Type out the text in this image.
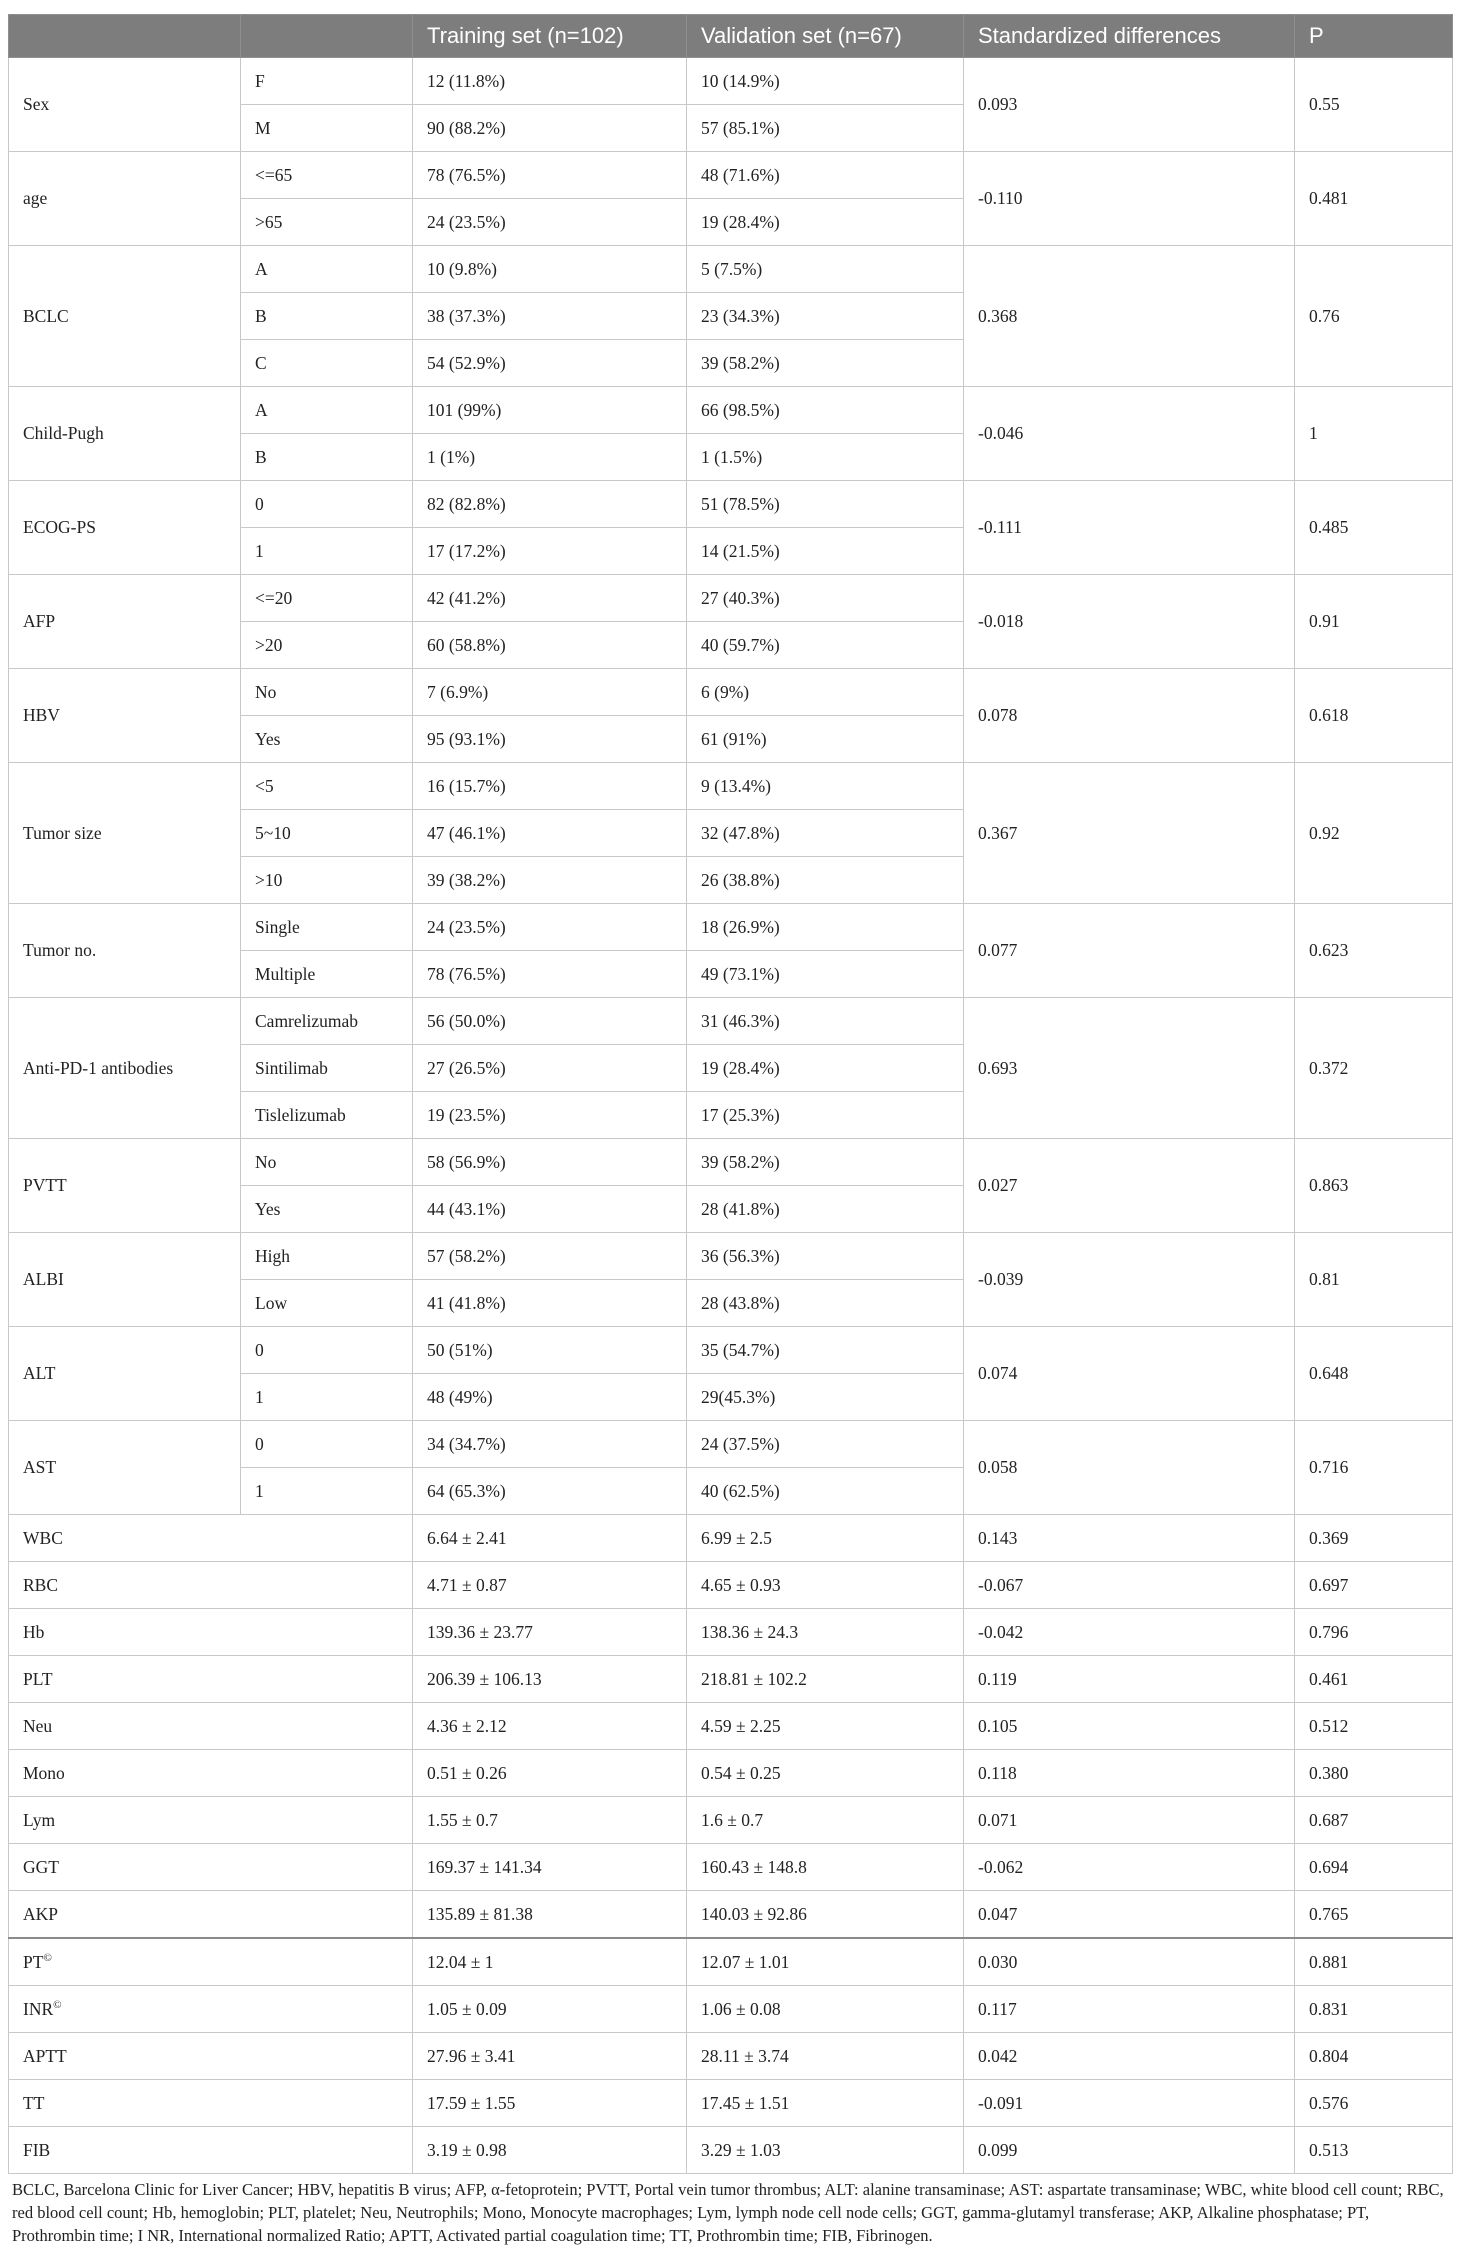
		Training set (n=102)	Validation set (n=67)	Standardized differences	P
Sex	F	12 (11.8%)	10 (14.9%)	0.093	0.55
	M	90 (88.2%)	57 (85.1%)		
age	<=65	78 (76.5%)	48 (71.6%)	-0.110	0.481
	>65	24 (23.5%)	19 (28.4%)		
BCLC	A	10 (9.8%)	5 (7.5%)	0.368	0.76
	B	38 (37.3%)	23 (34.3%)		
	C	54 (52.9%)	39 (58.2%)		
Child-Pugh	A	101 (99%)	66 (98.5%)	-0.046	1
	B	1 (1%)	1 (1.5%)		
ECOG-PS	0	82 (82.8%)	51 (78.5%)	-0.111	0.485
	1	17 (17.2%)	14 (21.5%)		
AFP	<=20	42 (41.2%)	27 (40.3%)	-0.018	0.91
	>20	60 (58.8%)	40 (59.7%)		
HBV	No	7 (6.9%)	6 (9%)	0.078	0.618
	Yes	95 (93.1%)	61 (91%)		
Tumor size	<5	16 (15.7%)	9 (13.4%)	0.367	0.92
	5~10	47 (46.1%)	32 (47.8%)		
	>10	39 (38.2%)	26 (38.8%)		
Tumor no.	Single	24 (23.5%)	18 (26.9%)	0.077	0.623
	Multiple	78 (76.5%)	49 (73.1%)		
Anti-PD-1 antibodies	Camrelizumab	56 (50.0%)	31 (46.3%)	0.693	0.372
	Sintilimab	27 (26.5%)	19 (28.4%)		
	Tislelizumab	19 (23.5%)	17 (25.3%)		
PVTT	No	58 (56.9%)	39 (58.2%)	0.027	0.863
	Yes	44 (43.1%)	28 (41.8%)		
ALBI	High	57 (58.2%)	36 (56.3%)	-0.039	0.81
	Low	41 (41.8%)	28 (43.8%)		
ALT	0	50 (51%)	35 (54.7%)	0.074	0.648
	1	48 (49%)	29(45.3%)		
AST	0	34 (34.7%)	24 (37.5%)	0.058	0.716
	1	64 (65.3%)	40 (62.5%)		
WBC		6.64 ± 2.41	6.99 ± 2.5	0.143	0.369
RBC		4.71 ± 0.87	4.65 ± 0.93	-0.067	0.697
Hb		139.36 ± 23.77	138.36 ± 24.3	-0.042	0.796
PLT		206.39 ± 106.13	218.81 ± 102.2	0.119	0.461
Neu		4.36 ± 2.12	4.59 ± 2.25	0.105	0.512
Mono		0.51 ± 0.26	0.54 ± 0.25	0.118	0.380
Lym		1.55 ± 0.7	1.6 ± 0.7	0.071	0.687
GGT		169.37 ± 141.34	160.43 ± 148.8	-0.062	0.694
AKP		135.89 ± 81.38	140.03 ± 92.86	0.047	0.765
PT©		12.04 ± 1	12.07 ± 1.01	0.030	0.881
INR©		1.05 ± 0.09	1.06 ± 0.08	0.117	0.831
APTT		27.96 ± 3.41	28.11 ± 3.74	0.042	0.804
TT		17.59 ± 1.55	17.45 ± 1.51	-0.091	0.576
FIB		3.19 ± 0.98	3.29 ± 1.03	0.099	0.513

BCLC, Barcelona Clinic for Liver Cancer; HBV, hepatitis B virus; AFP, α-fetoprotein; PVTT, Portal vein tumor thrombus; ALT: alanine transaminase; AST: aspartate transaminase; WBC, white blood cell count; RBC, red blood cell count; Hb, hemoglobin; PLT, platelet; Neu, Neutrophils; Mono, Monocyte macrophages; Lym, lymph node cell node cells; GGT, gamma-glutamyl transferase; AKP, Alkaline phosphatase; PT, Prothrombin time; I NR, International normalized Ratio; APTT, Activated partial coagulation time; TT, Prothrombin time; FIB, Fibrinogen.
